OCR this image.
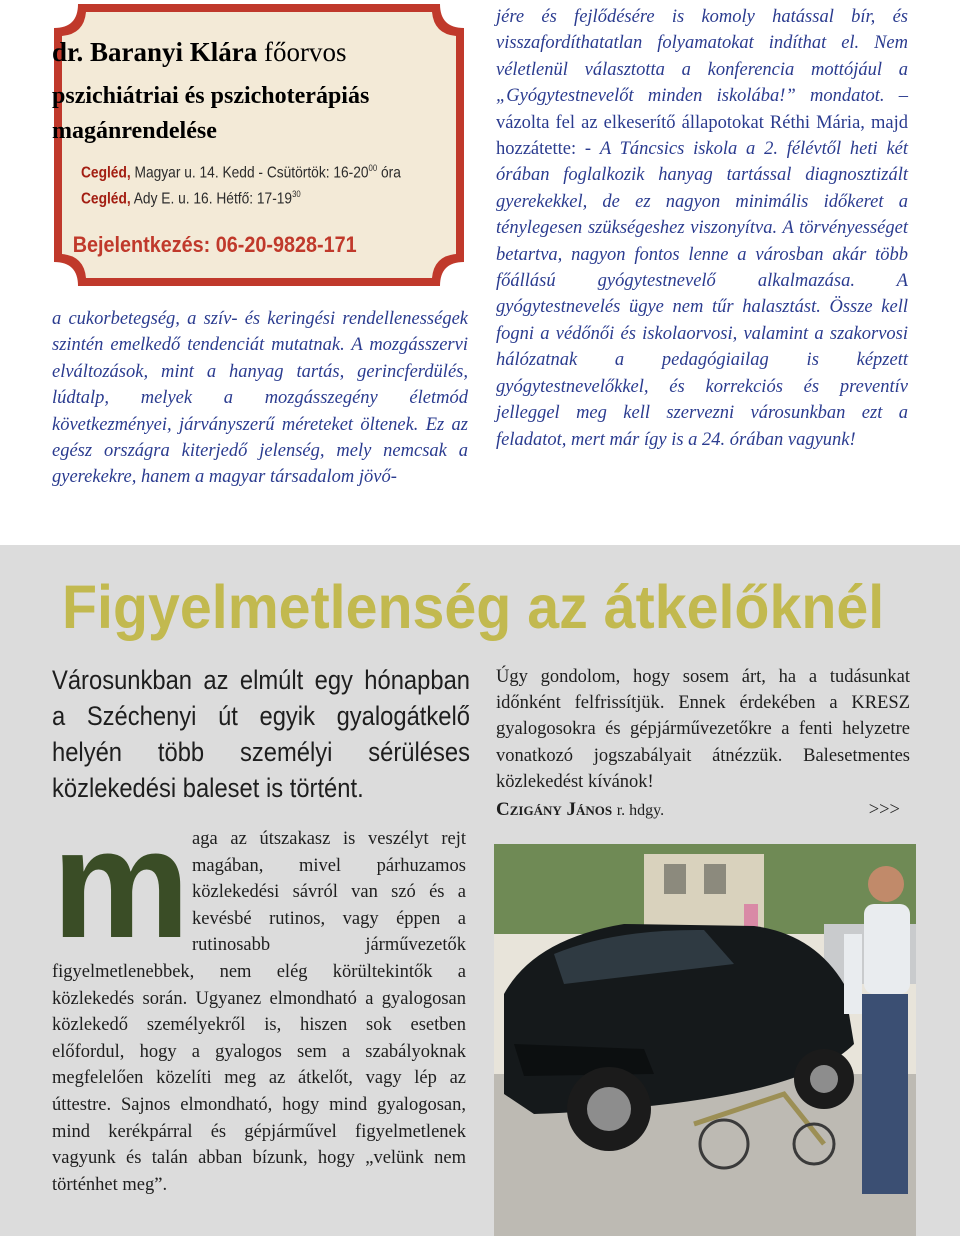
dr. Baranyi Klára főorvos
pszichiátriai és pszichoterápiás
magánrendelése
Cegléd, Magyar u. 14. Kedd - Csütörtök: $16-20^{00}$ óra
Cegléd, Ady E. u. 16. Hétfő: $17-19^{30}$
Bejelentkezés: 06-20-9828-171

a cukorbetegség, a szív- és keringési rendellenességek szintén emelkedő tendenciát mutatnak. A mozgásszervi elváltozások, mint a hanyag tartás, gerincferdülés, lúdtalp, melyek a mozgásszegény életmód következményei, járványszerű méreteket öltenek. Ez az egész országra kiterjedő jelenség, mely nemcsak a gyerekekre, hanem a magyar társadalom jövő-

jére és fejlődésére is komoly hatással bír, és visszafordíthatatlan folyamatokat indíthat el. Nem véletlenül választotta a konferencia mottójául a „Gyógytestnevelőt minden iskolába!” mondatot. – vázolta fel az elkeserítő állapotokat Réthi Mária, majd hozzátette: - A Táncsics iskola a 2. félévtől heti két órában foglalkozik hanyag tartással diagnosztizált gyerekekkel, de ez nagyon minimális időkeret a ténylegesen szükségeshez viszonyítva. A törvényességet betartva, nagyon fontos lenne a városban akár több főállású gyógytestnevelő alkalmazása. A gyógytestnevelés ügye nem tűr halasztást. Össze kell fogni a védőnői és iskolaorvosi, valamint a szakorvosi hálózatnak a pedagógiailag is képzett gyógytestnevelőkkel, és korrekciós és preventív jelleggel meg kell szervezni városunkban ezt a feladatot, mert már így is a 24. órában vagyunk!

Figyelmetlenség az átkelőknél
Városunkban az elmúlt egy hónapban a Széchenyi út egyik gyalogátkelő helyén több személyi sérüléses közlekedési baleset is történt.
maga az útszakasz is veszélyt rejt magában, mivel párhuzamos közlekedési sávról van szó és a kevésbé rutinos, vagy éppen a rutinosabb járművezetők figyelmetlenebbek, nem elég körültekintők a közlekedés során. Ugyanez elmondható a gyalogosan közlekedő személyekről is, hiszen sok esetben előfordul, hogy a gyalogos sem a szabályoknak megfelelően közelíti meg az átkelőt, vagy lép az úttestre. Sajnos elmondható, hogy mind gyalogosan, mind kerékpárral és gépjárművel figyelmetlenek vagyunk és talán abban bízunk, hogy „velünk nem történhet meg”.
Úgy gondolom, hogy sosem árt, ha a tudásunkat időnként felfrissítjük. Ennek érdekében a KRESZ gyalogosokra és gépjárművezetőkre a fenti helyzetre vonatkozó jogszabályait átnézzük. Balesetmentes közlekedést kívánok!
Czigány János r. hdgy.	>>>
